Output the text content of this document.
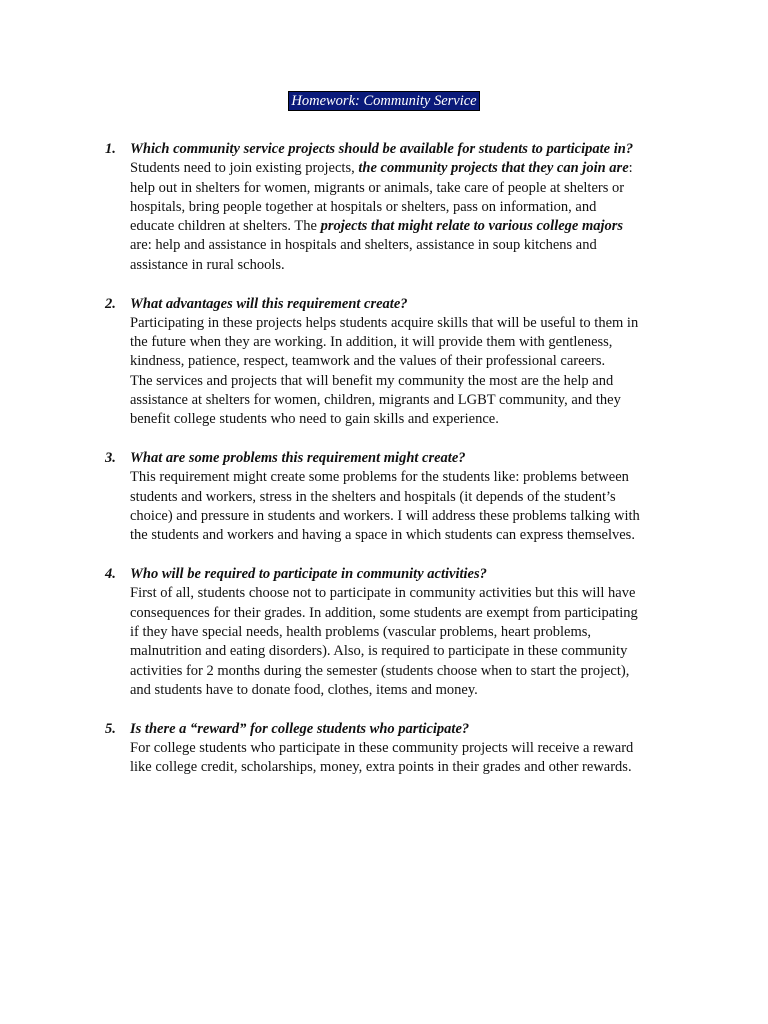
Homework: Community Service
1. Which community service projects should be available for students to participate in?
Students need to join existing projects, the community projects that they can join are:
help out in shelters for women, migrants or animals, take care of people at shelters or
hospitals, bring people together at hospitals or shelters, pass on information, and
educate children at shelters. The projects that might relate to various college majors
are: help and assistance in hospitals and shelters, assistance in soup kitchens and
assistance in rural schools.
2. What advantages will this requirement create?
Participating in these projects helps students acquire skills that will be useful to them in
the future when they are working. In addition, it will provide them with gentleness,
kindness, patience, respect, teamwork and the values of their professional careers.
The services and projects that will benefit my community the most are the help and
assistance at shelters for women, children, migrants and LGBT community, and they
benefit college students who need to gain skills and experience.
3. What are some problems this requirement might create?
This requirement might create some problems for the students like: problems between
students and workers, stress in the shelters and hospitals (it depends of the student’s
choice) and pressure in students and workers. I will address these problems talking with
the students and workers and having a space in which students can express themselves.
4. Who will be required to participate in community activities?
First of all, students choose not to participate in community activities but this will have
consequences for their grades. In addition, some students are exempt from participating
if they have special needs, health problems (vascular problems, heart problems,
malnutrition and eating disorders). Also, is required to participate in these community
activities for 2 months during the semester (students choose when to start the project),
and students have to donate food, clothes, items and money.
5. Is there a “reward” for college students who participate?
For college students who participate in these community projects will receive a reward
like college credit, scholarships, money, extra points in their grades and other rewards.
